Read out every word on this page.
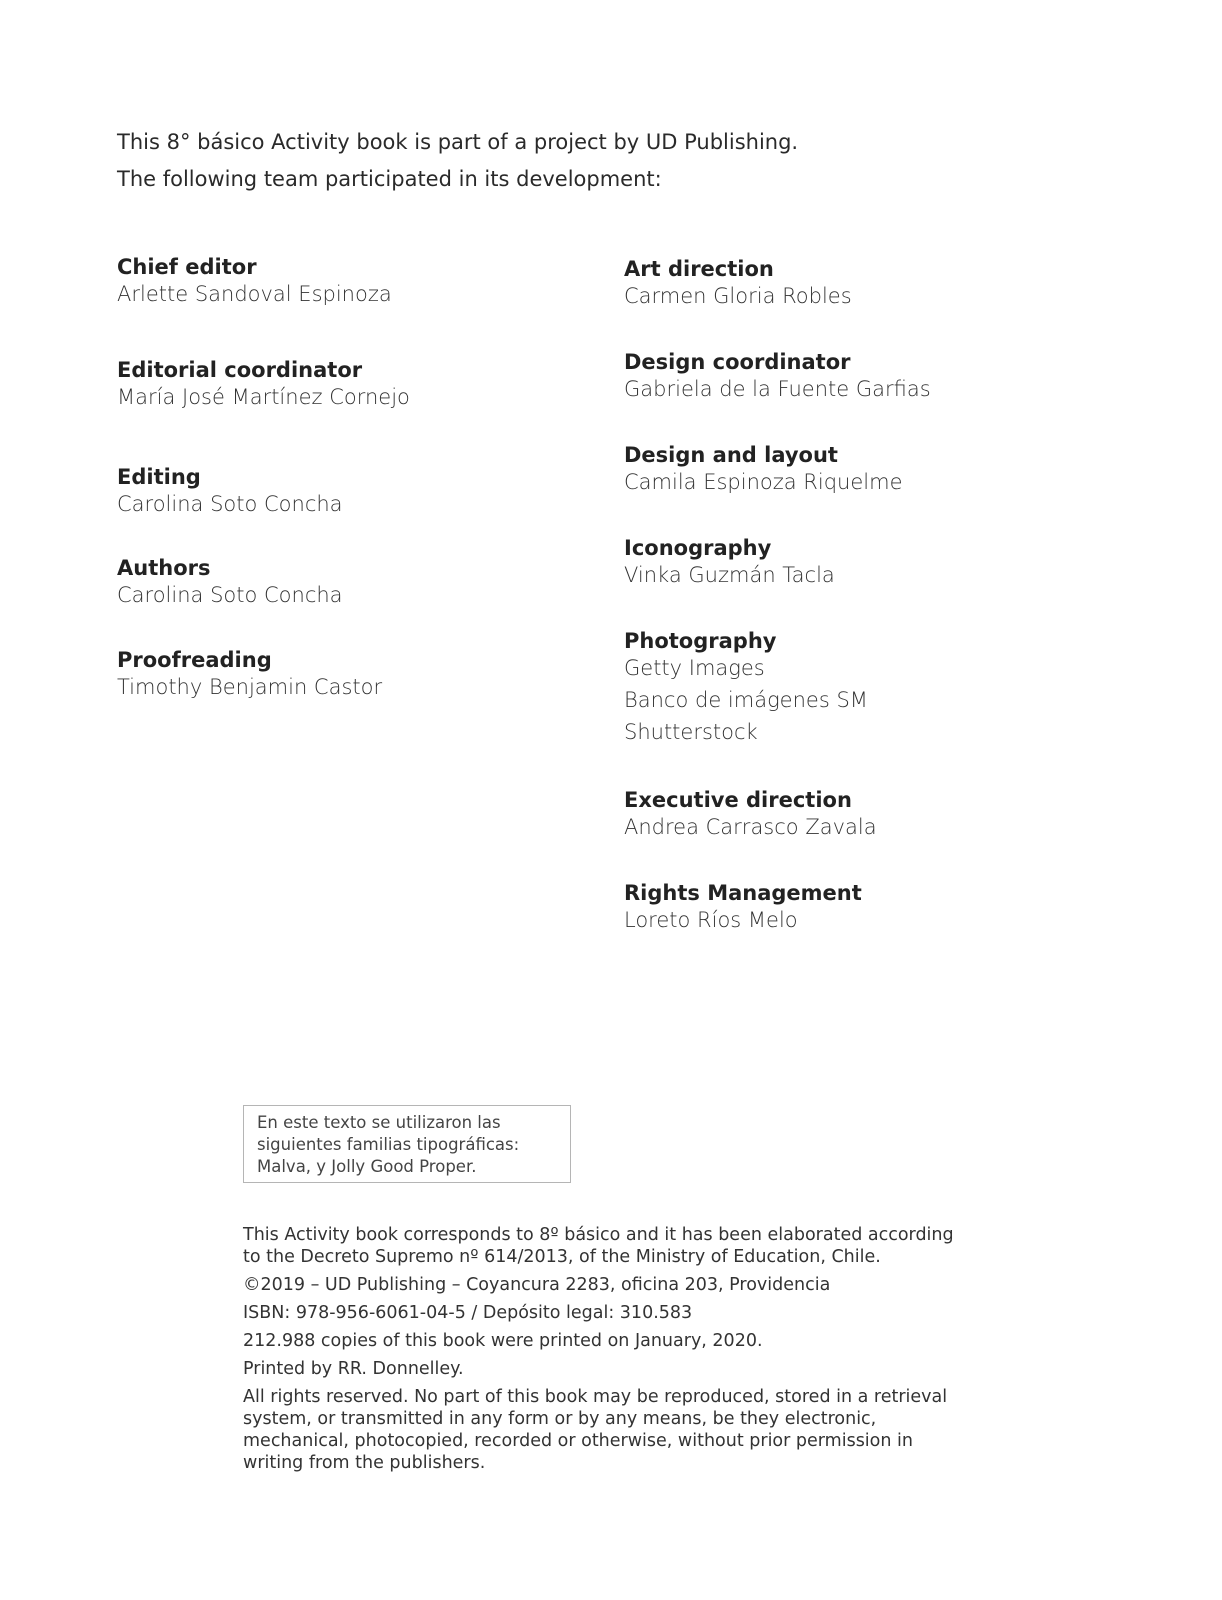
This 8° básico Activity book is part of a project by UD Publishing.
The following team participated in its development:
Chief editor
Arlette Sandoval Espinoza
Editorial coordinator
María José Martínez Cornejo
Editing
Carolina Soto Concha
Authors
Carolina Soto Concha
Proofreading
Timothy Benjamin Castor
Art direction
Carmen Gloria Robles
Design coordinator
Gabriela de la Fuente Garfias
Design and layout
Camila Espinoza Riquelme
Iconography
Vinka Guzmán Tacla
Photography
Getty Images
Banco de imágenes SM
Shutterstock
Executive direction
Andrea Carrasco Zavala
Rights Management
Loreto Ríos Melo
En este texto se utilizaron las
siguientes familias tipográficas:
Malva, y Jolly Good Proper.
This Activity book corresponds to 8º básico and it has been elaborated according
to the Decreto Supremo nº 614/2013, of the Ministry of Education, Chile.
©2019 – UD Publishing – Coyancura 2283, oficina 203, Providencia
ISBN: 978-956-6061-04-5 / Depósito legal: 310.583
212.988 copies of this book were printed on January, 2020.
Printed by RR. Donnelley.
All rights reserved. No part of this book may be reproduced, stored in a retrieval
system, or transmitted in any form or by any means, be they electronic,
mechanical, photocopied, recorded or otherwise, without prior permission in
writing from the publishers.
